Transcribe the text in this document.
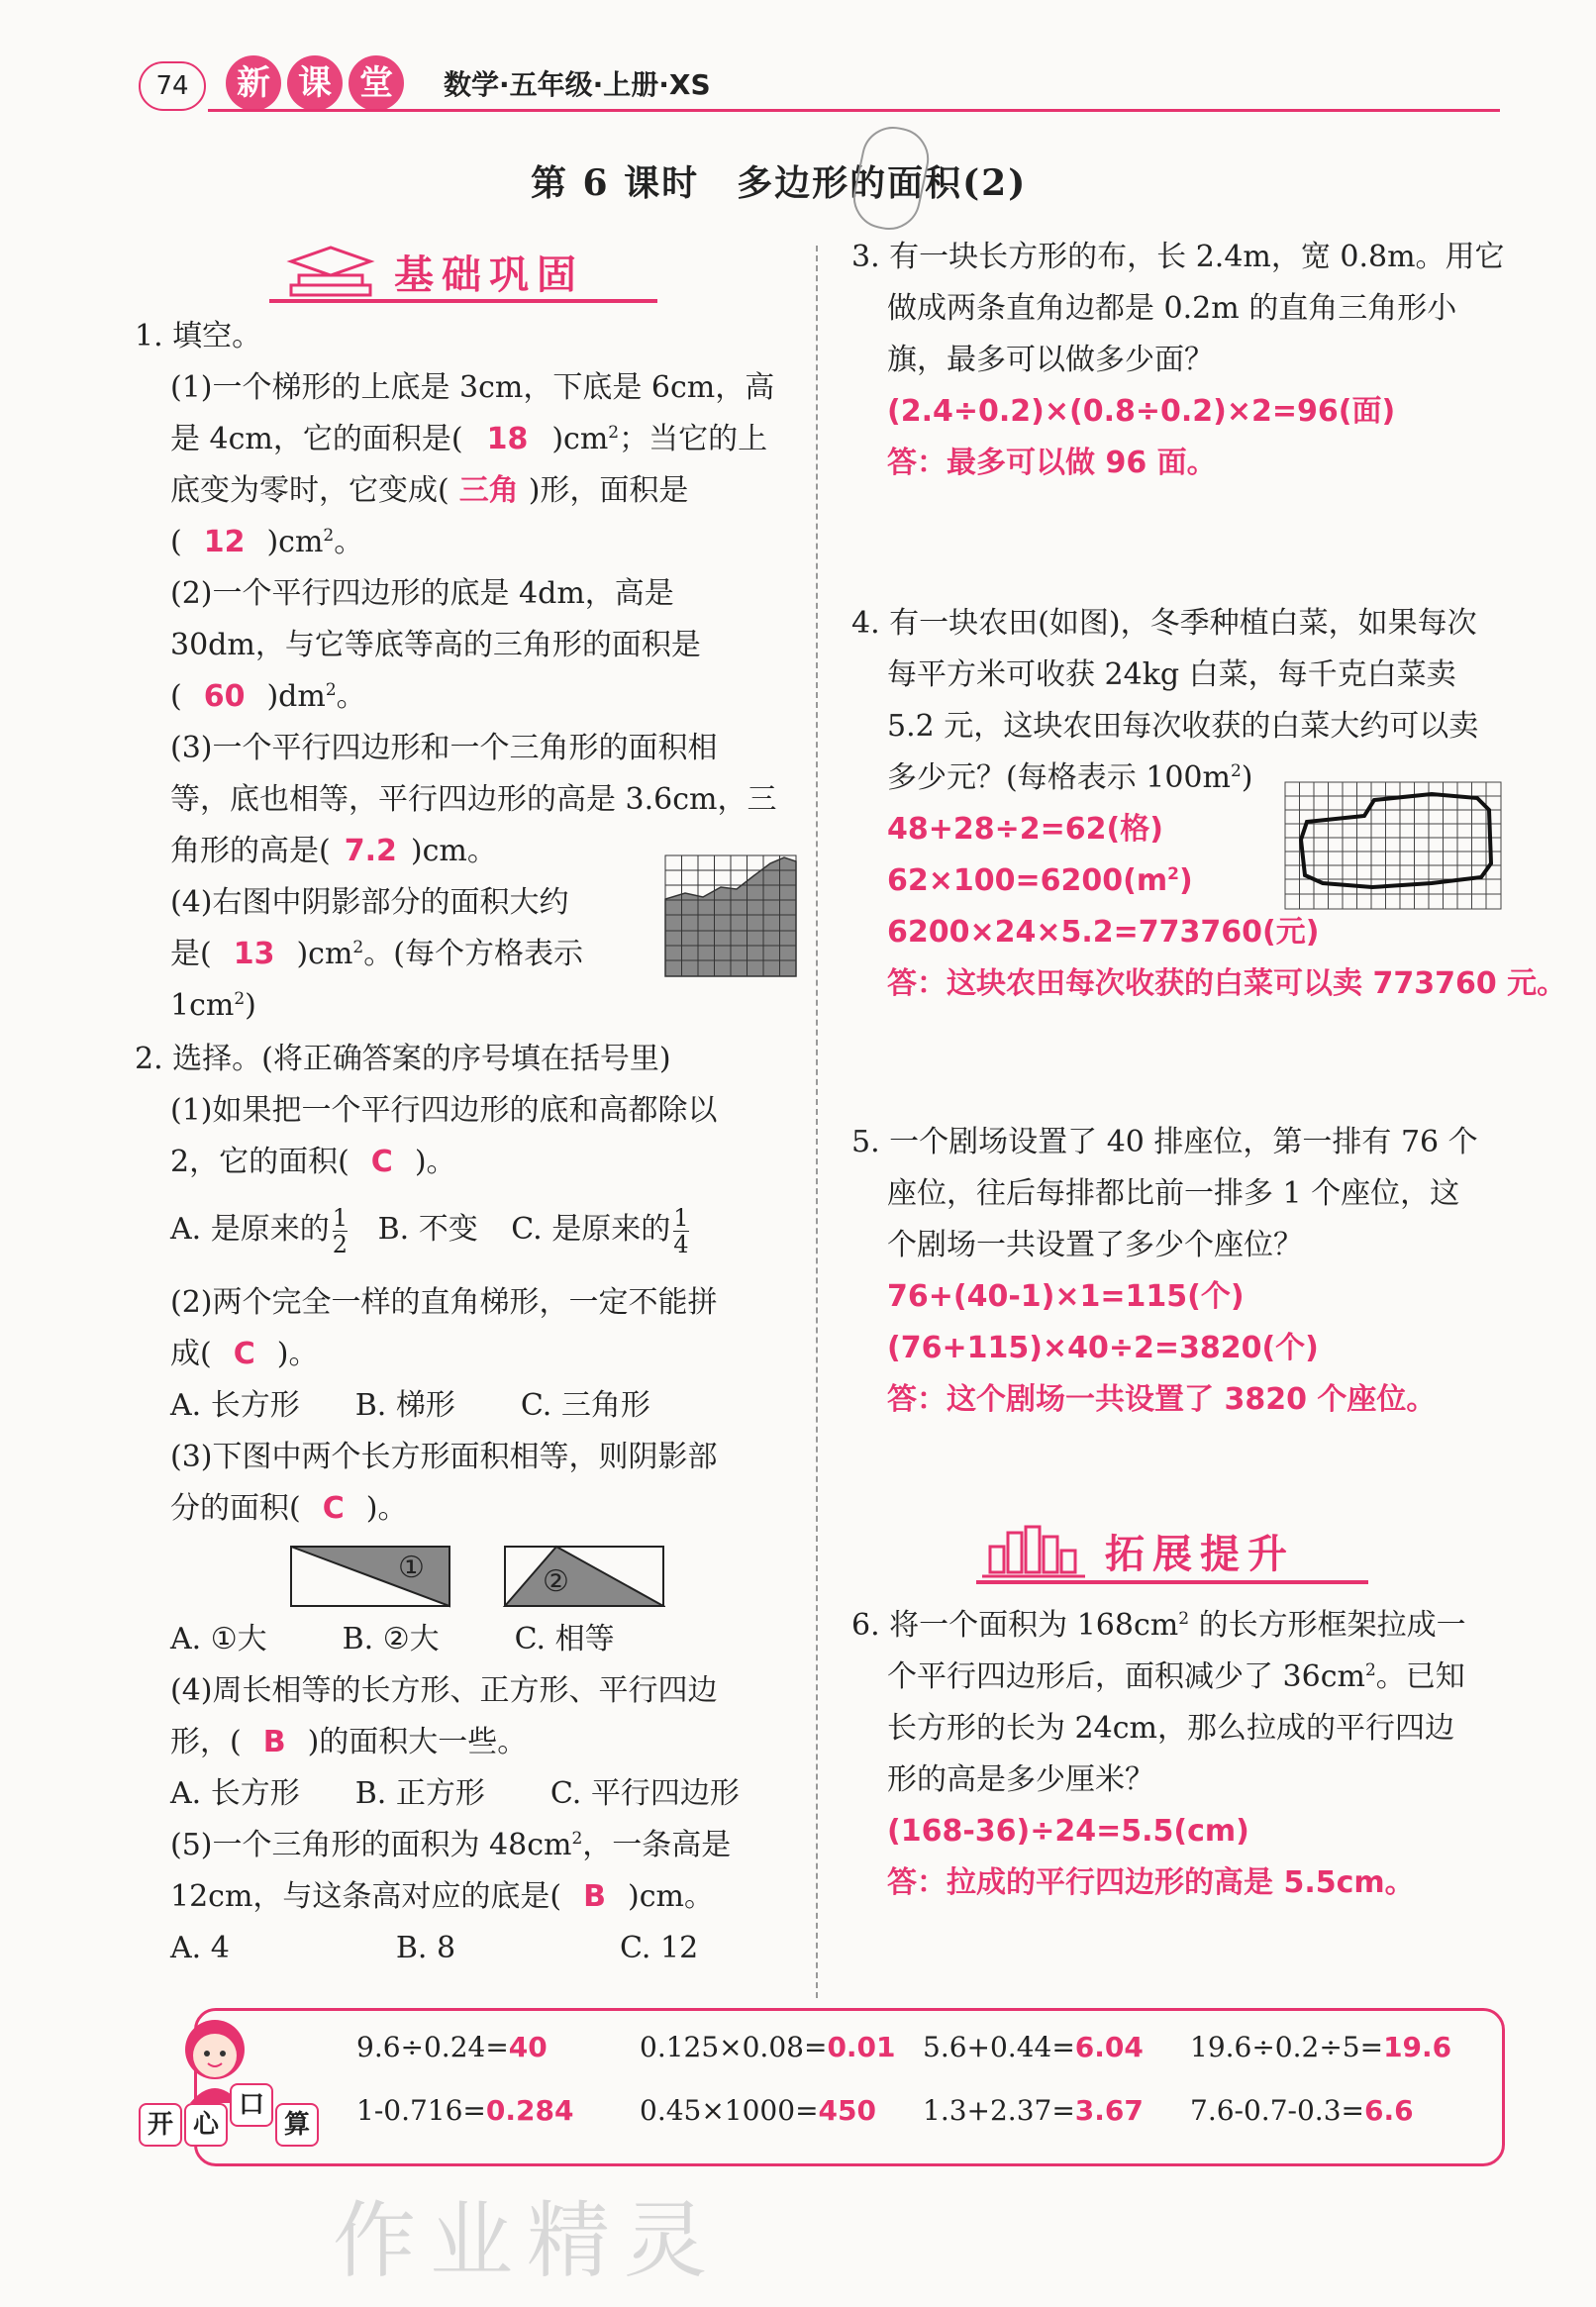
74	新 课 堂	数学·五年级·上册·XS
第 6 课时　多边形的面积(2)
基础巩固
1. 填空。
(1)一个梯形的上底是 3cm，下底是 6cm，高
是 4cm，它的面积是( 18 )$cm^2$；当它的上
底变为零时，它变成( 三角 )形，面积是
( 12 )$cm^2$。
(2)一个平行四边形的底是 4dm，高是
30dm，与它等底等高的三角形的面积是
( 60 )$dm^2$。
(3)一个平行四边形和一个三角形的面积相
等，底也相等，平行四边形的高是 3.6cm，三
角形的高是( 7.2 )cm。
(4)右图中阴影部分的面积大约
是( 13 )$cm^2$。(每个方格表示
$1cm^2$)
2. 选择。(将正确答案的序号填在括号里)
(1)如果把一个平行四边形的底和高都除以
2，它的面积( C )。
A. 是原来的 $\frac{1}{2} B$. 不变 C. 是原来的 $\frac{1}{4}$
(2)两个完全一样的直角梯形，一定不能拼
成( C )。
A. 长方形 B. 梯形 C. 三角形
(3)下图中两个长方形面积相等，则阴影部
分的面积( C )。
①	②
A. ①大	B. ②大	C. 相等
(4)周长相等的长方形、正方形、平行四边
形，( B )的面积大一些。
A. 长方形 B. 正方形 C. 平行四边形
(5)一个三角形的面积为 $48cm^2$，一条高是
12cm，与这条高对应的底是( B )cm。
A. 4	B. 8	C. 12
3. 有一块长方形的布，长 2.4m，宽 0.8m。用它
做成两条直角边都是 0.2m 的直角三角形小
旗，最多可以做多少面？
(2.4÷0.2)×(0.8÷0.2)×2=96(面)
答：最多可以做 96 面。
4. 有一块农田(如图)，冬季种植白菜，如果每次
每平方米可收获 24kg 白菜，每千克白菜卖
5.2 元，这块农田每次收获的白菜大约可以卖
多少元？(每格表示 $100m^2$)
48+28÷2=62(格)
$62\times 100=6200(m^2)$
6200×24×5.2=773760(元)
答：这块农田每次收获的白菜可以卖 773760 元。
5. 一个剧场设置了 40 排座位，第一排有 76 个
座位，往后每排都比前一排多 1 个座位，这
个剧场一共设置了多少个座位？
76+(40-1)×1=115(个)
(76+115)×40÷2=3820(个)
答：这个剧场一共设置了 3820 个座位。
拓展提升
6. 将一个面积为 $168cm^2$ 的长方形框架拉成一
个平行四边形后，面积减少了 $36cm^2$。已知
长方形的长为 24cm，那么拉成的平行四边
形的高是多少厘米？
(168-36)÷24=5.5(cm)
答：拉成的平行四边形的高是 5.5cm。
开 心
口
算
9.6÷0.24=40	0.125×0.08=0.01 5.6+0.44=6.04 19.6÷0.2÷5=19.6
1-0.716=0.284 0.45×1000=450 1.3+2.37=3.67 7.6-0.7-0.3=6.6
作业精灵
